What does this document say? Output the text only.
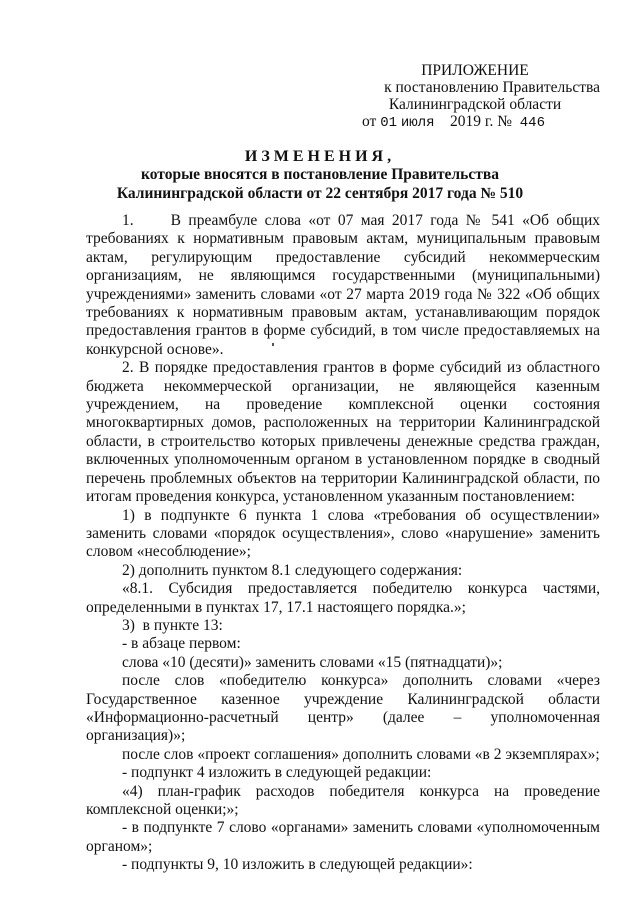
ПРИЛОЖЕНИЕ
к постановлению Правительства
Калининградской области
от 01 июля 2019 г. № 446
ИЗМЕНЕНИЯ,
которые вносятся в постановление Правительства
Калининградской области от 22 сентября 2017 года № 510

1.     В преамбуле слова «от 07 мая 2017 года № 541 «Об общих требованиях к нормативным правовым актам, муниципальным правовым актам, регулирующим предоставление субсидий некоммерческим организациям, не являющимся государственными (муниципальными) учреждениями» заменить словами «от 27 марта 2019 года № 322 «Об общих требованиях к нормативным правовым актам, устанавливающим порядок предоставления грантов в форме субсидий, в том числе предоставляемых на конкурсной основе».

2. В порядке предоставления грантов в форме субсидий из областного бюджета некоммерческой организации, не являющейся казенным учреждением, на проведение комплексной оценки состояния многоквартирных домов, расположенных на территории Калининградской области, в строительство которых привлечены денежные средства граждан, включенных уполномоченным органом в установленном порядке в сводный перечень проблемных объектов на территории Калининградской области, по итогам проведения конкурса, установленном указанным постановлением:

1) в подпункте 6 пункта 1 слова «требования об осуществлении» заменить словами «порядок осуществления», слово «нарушение» заменить словом «несоблюдение»;

2) дополнить пунктом 8.1 следующего содержания:

«8.1. Субсидия предоставляется победителю конкурса частями, определенными в пунктах 17, 17.1 настоящего порядка.»;

3)  в пункте 13:

- в абзаце первом:

слова «10 (десяти)» заменить словами «15 (пятнадцати)»;

после слов «победителю конкурса» дополнить словами «через Государственное казенное учреждение Калининградской области «Информационно-расчетный центр» (далее – уполномоченная организация)»;

после слов «проект соглашения» дополнить словами «в 2 экземплярах»;

- подпункт 4 изложить в следующей редакции:

«4) план-график расходов победителя конкурса на проведение комплексной оценки;»;

- в подпункте 7 слово «органами» заменить словами «уполномоченным органом»;

- подпункты 9, 10 изложить в следующей редакции»:
